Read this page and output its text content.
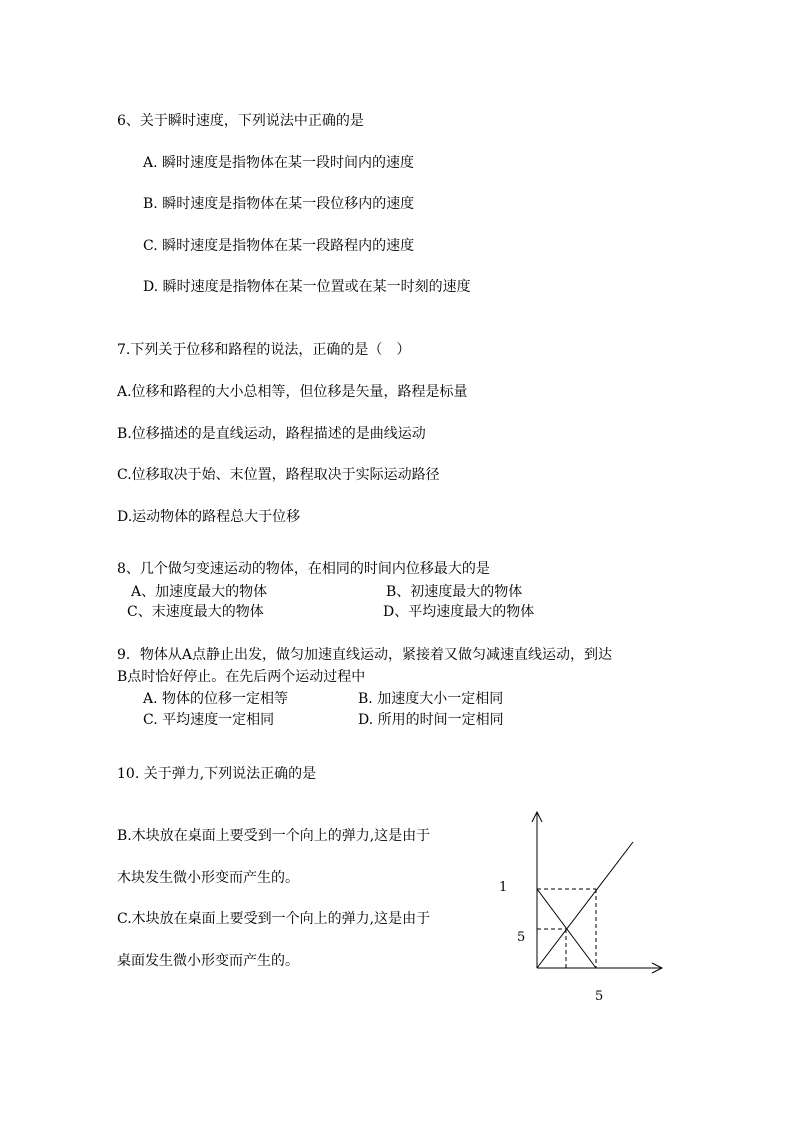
6、关于瞬时速度，下列说法中正确的是
A. 瞬时速度是指物体在某一段时间内的速度
B. 瞬时速度是指物体在某一段位移内的速度
C. 瞬时速度是指物体在某一段路程内的速度
D. 瞬时速度是指物体在某一位置或在某一时刻的速度
7.下列关于位移和路程的说法，正确的是（　）
A.位移和路程的大小总相等，但位移是矢量，路程是标量
B.位移描述的是直线运动，路程描述的是曲线运动
C.位移取决于始、末位置，路程取决于实际运动路径
D.运动物体的路程总大于位移
8、几个做匀变速运动的物体，在相同的时间内位移最大的是
A、加速度最大的物体	B、初速度最大的物体
C、末速度最大的物体	D、平均速度最大的物体
9．物体从A点静止出发，做匀加速直线运动，紧接着又做匀减速直线运动，到达
B点时恰好停止。在先后两个运动过程中
A. 物体的位移一定相等	B. 加速度大小一定相同
C. 平均速度一定相同	D. 所用的时间一定相同
10. 关于弹力,下列说法正确的是
B.木块放在桌面上要受到一个向上的弹力,这是由于
木块发生微小形变而产生的。
C.木块放在桌面上要受到一个向上的弹力,这是由于
桌面发生微小形变而产生的。
1
5
5
